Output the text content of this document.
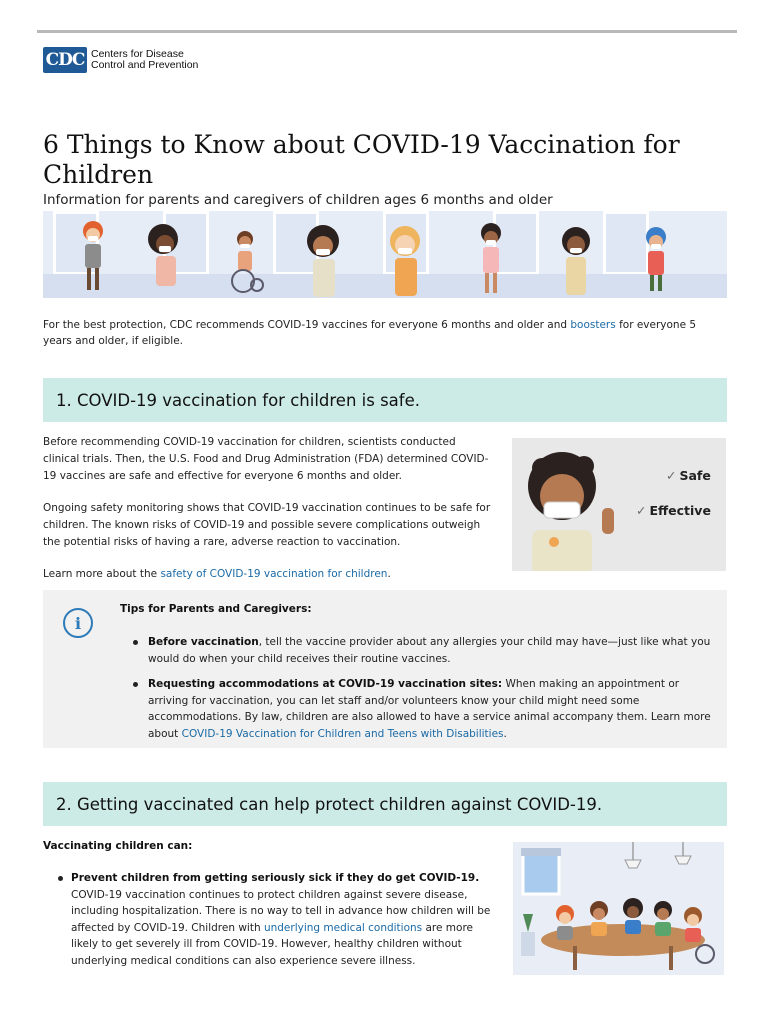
CDC Centers for Disease
Control and Prevention
6 Things to Know about COVID-19 Vaccination for Children
Information for parents and caregivers of children ages 6 months and older

For the best protection, CDC recommends COVID-19 vaccines for everyone 6 months and older and boosters for everyone 5 years and older, if eligible.

1. COVID-19 vaccination for children is safe.

Before recommending COVID-19 vaccination for children, scientists conducted clinical trials. Then, the U.S. Food and Drug Administration (FDA) determined COVID-19 vaccines are safe and effective for everyone 6 months and older.

Ongoing safety monitoring shows that COVID-19 vaccination continues to be safe for children. The known risks of COVID-19 and possible severe complications outweigh the potential risks of having a rare, adverse reaction to vaccination.

Learn more about the safety of COVID-19 vaccination for children.

✓ Safe
✓ Effective
i
Tips for Parents and Caregivers:
Before vaccination, tell the vaccine provider about any allergies your child may have—just like what you would do when your child receives their routine vaccines.
Requesting accommodations at COVID-19 vaccination sites: When making an appointment or arriving for vaccination, you can let staff and/or volunteers know your child might need some accommodations. By law, children are also allowed to have a service animal accompany them. Learn more about COVID-19 Vaccination for Children and Teens with Disabilities.
2. Getting vaccinated can help protect children against COVID-19.
Vaccinating children can:
Prevent children from getting seriously sick if they do get COVID-19. COVID-19 vaccination continues to protect children against severe disease, including hospitalization. There is no way to tell in advance how children will be affected by COVID-19. Children with underlying medical conditions are more likely to get severely ill from COVID-19. However, healthy children without underlying medical conditions can also experience severe illness.
